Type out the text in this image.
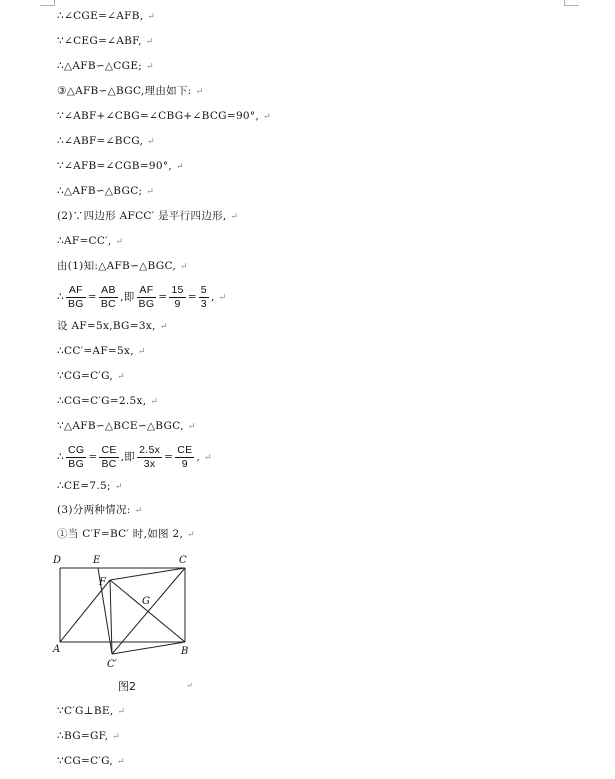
∴∠CGE=∠AFB, ↵
∵∠CEG=∠ABF, ↵
∴△AFB∽△CGE; ↵
③△AFB∽△BGC,理由如下: ↵
∵∠ABF+∠CBG=∠CBG+∠BCG=90°, ↵
∴∠ABF=∠BCG, ↵
∵∠AFB=∠CGB=90°, ↵
∴△AFB∽△BGC; ↵
(2)∵四边形 AFCC′ 是平行四边形, ↵
∴AF=CC′, ↵
由(1)知:△AFB∽△BGC, ↵
∴ $\frac{AF}{BG} = \frac{AB}{BC}$ ,即 $\frac{AF}{BG} = \frac{15}{9} = \frac{5}{3}$ , ↵
设 AF=5x,BG=3x, ↵
∴CC′=AF=5x, ↵
∵CG=C′G, ↵
∴CG=C′G=2.5x, ↵
∵△AFB∽△BCE∽△BGC, ↵
∴ $\frac{CG}{BG} = \frac{CE}{BC}$ ,即 $\frac{2.5x}{3x} = \frac{CE}{9}$ , ↵
∴CE=7.5; ↵
(3)分两种情况: ↵
①当 C′F=BC′ 时,如图 2, ↵
D	E	C
F
G
A	B
C′
图2	↵
∵C′G⊥BE, ↵
∴BG=GF, ↵
∵CG=C′G, ↵
